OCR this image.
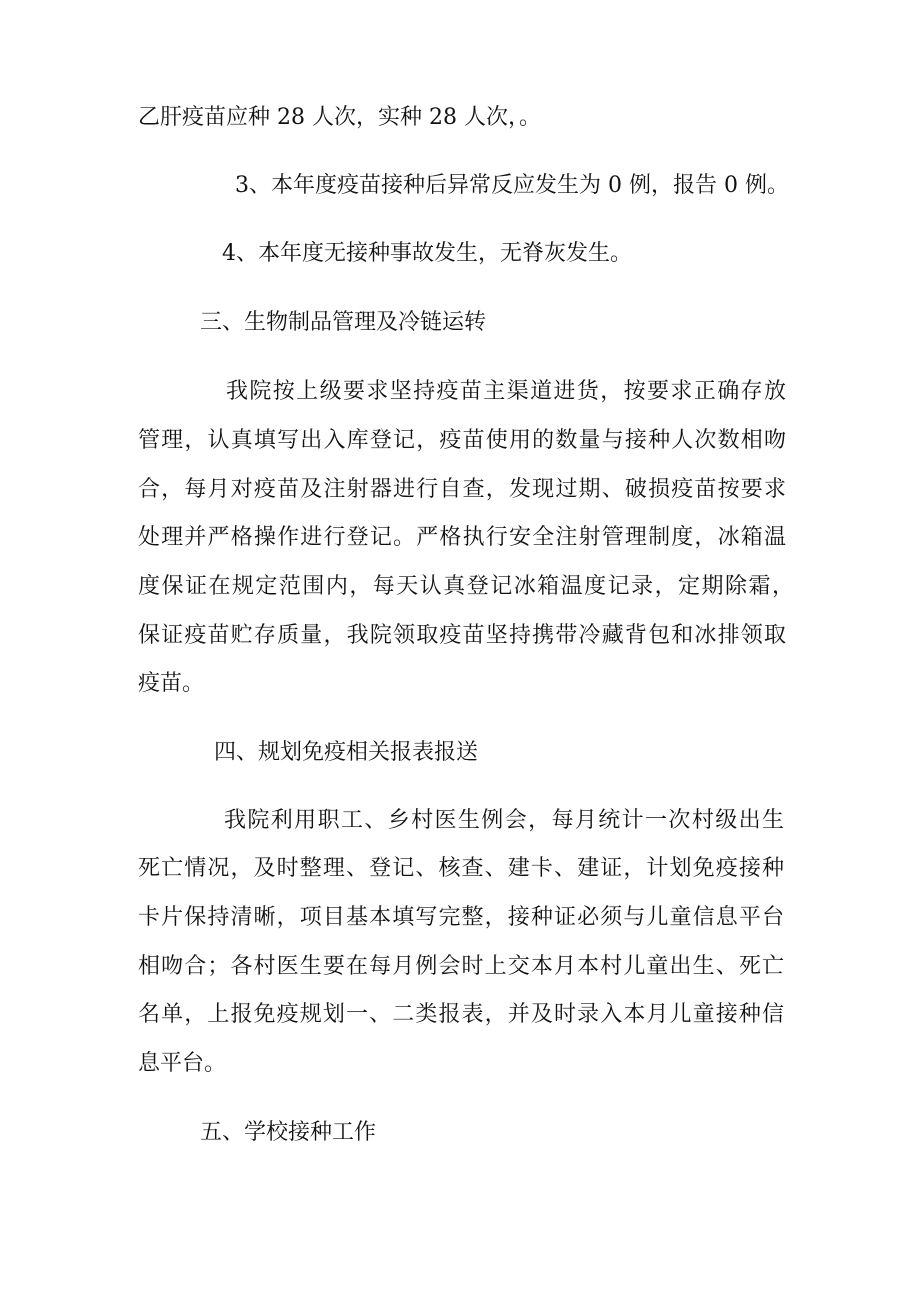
乙肝疫苗应种 28 人次，实种 28 人次，。
3、本年度疫苗接种后异常反应发生为 0 例，报告 0 例。
4、本年度无接种事故发生，无脊灰发生。
三、生物制品管理及冷链运转
我院按上级要求坚持疫苗主渠道进货，按要求正确存放
管理，认真填写出入库登记，疫苗使用的数量与接种人次数相吻
合，每月对疫苗及注射器进行自查，发现过期、破损疫苗按要求
处理并严格操作进行登记。严格执行安全注射管理制度，冰箱温
度保证在规定范围内，每天认真登记冰箱温度记录，定期除霜，
保证疫苗贮存质量，我院领取疫苗坚持携带冷藏背包和冰排领取
疫苗。
四、规划免疫相关报表报送
我院利用职工、乡村医生例会，每月统计一次村级出生
死亡情况，及时整理、登记、核查、建卡、建证，计划免疫接种
卡片保持清晰，项目基本填写完整，接种证必须与儿童信息平台
相吻合；各村医生要在每月例会时上交本月本村儿童出生、死亡
名单，上报免疫规划一、二类报表，并及时录入本月儿童接种信
息平台。
五、学校接种工作
